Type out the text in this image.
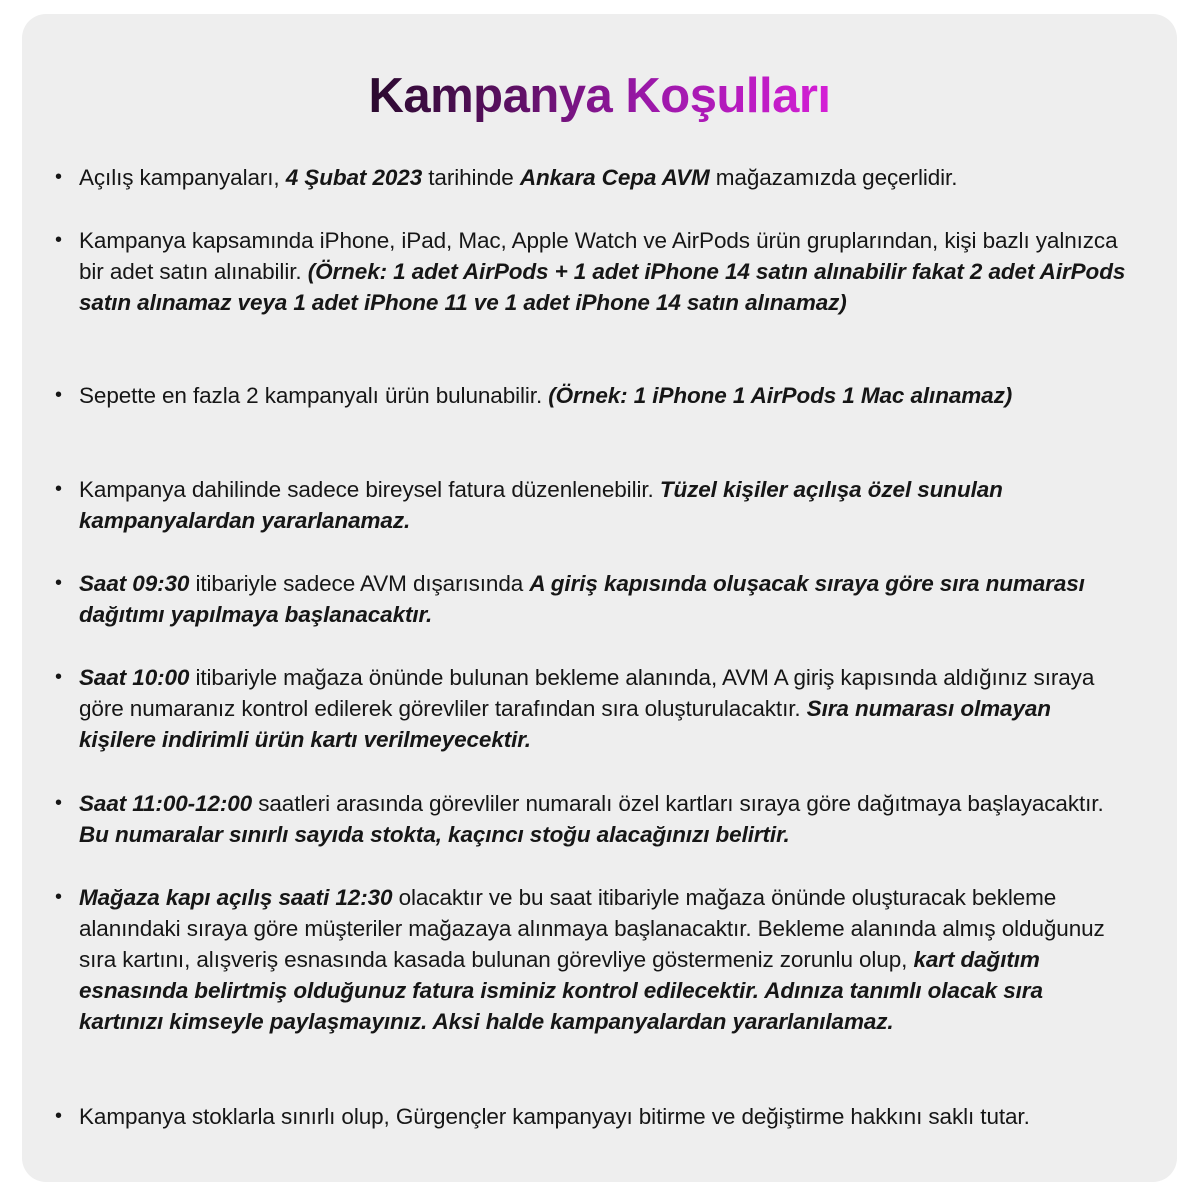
Kampanya Koşulları
• Açılış kampanyaları, 4 Şubat 2023 tarihinde Ankara Cepa AVM mağazamızda geçerlidir.
• Kampanya kapsamında iPhone, iPad, Mac, Apple Watch ve AirPods ürün gruplarından, kişi bazlı yalnızca bir adet satın alınabilir. (Örnek: 1 adet AirPods + 1 adet iPhone 14 satın alınabilir fakat 2 adet AirPods satın alınamaz veya 1 adet iPhone 11 ve 1 adet iPhone 14 satın alınamaz)
• Sepette en fazla 2 kampanyalı ürün bulunabilir. (Örnek: 1 iPhone 1 AirPods 1 Mac alınamaz)
• Kampanya dahilinde sadece bireysel fatura düzenlenebilir. Tüzel kişiler açılışa özel sunulan kampanyalardan yararlanamaz.
• Saat 09:30 itibariyle sadece AVM dışarısında A giriş kapısında oluşacak sıraya göre sıra numarası dağıtımı yapılmaya başlanacaktır.
• Saat 10:00 itibariyle mağaza önünde bulunan bekleme alanında, AVM A giriş kapısında aldığınız sıraya göre numaranız kontrol edilerek görevliler tarafından sıra oluşturulacaktır. Sıra numarası olmayan kişilere indirimli ürün kartı verilmeyecektir.
• Saat 11:00-12:00 saatleri arasında görevliler numaralı özel kartları sıraya göre dağıtmaya başlayacaktır. Bu numaralar sınırlı sayıda stokta, kaçıncı stoğu alacağınızı belirtir.
• Mağaza kapı açılış saati 12:30 olacaktır ve bu saat itibariyle mağaza önünde oluşturacak bekleme alanındaki sıraya göre müşteriler mağazaya alınmaya başlanacaktır. Bekleme alanında almış olduğunuz sıra kartını, alışveriş esnasında kasada bulunan görevliye göstermeniz zorunlu olup, kart dağıtım esnasında belirtmiş olduğunuz fatura isminiz kontrol edilecektir. Adınıza tanımlı olacak sıra kartınızı kimseyle paylaşmayınız. Aksi halde kampanyalardan yararlanılamaz.
• Kampanya stoklarla sınırlı olup, Gürgençler kampanyayı bitirme ve değiştirme hakkını saklı tutar.
